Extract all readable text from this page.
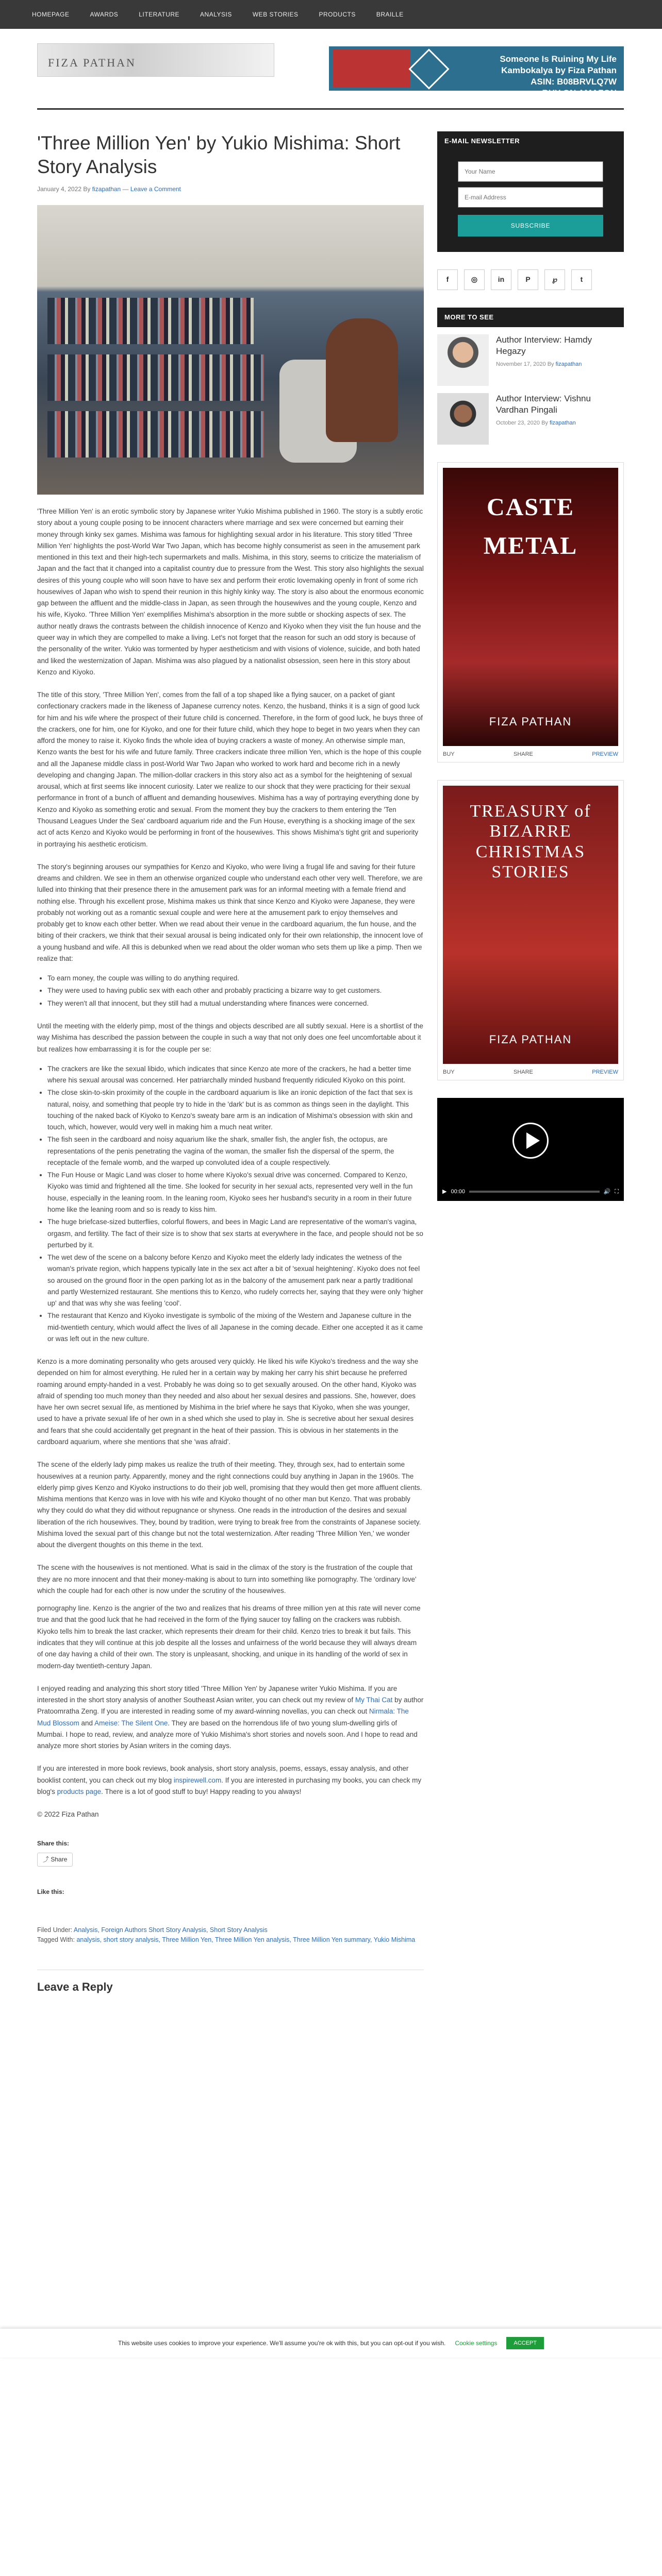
HOMEPAGE	AWARDS	LITERATURE	ANALYSIS	WEB STORIES	PRODUCTS	BRAILLE
FIZA PATHAN	Someone Is Ruining My Life
Kambokalya by Fiza Pathan
ASIN: B08BRVLQ7W
BUY ON AMAZON
'Three Million Yen' by Yukio Mishima: Short Story Analysis
January 4, 2022 By fizapathan — Leave a Comment

'Three Million Yen' is an erotic symbolic story by Japanese writer Yukio Mishima published in 1960. The story is a subtly erotic story about a young couple posing to be innocent characters where marriage and sex were concerned but earning their money through kinky sex games. Mishima was famous for highlighting sexual ardor in his literature. This story titled 'Three Million Yen' highlights the post-World War Two Japan, which has become highly consumerist as seen in the amusement park mentioned in this text and their high-tech supermarkets and malls. Mishima, in this story, seems to criticize the materialism of Japan and the fact that it changed into a capitalist country due to pressure from the West. This story also highlights the sexual desires of this young couple who will soon have to have sex and perform their erotic lovemaking openly in front of some rich housewives of Japan who wish to spend their reunion in this highly kinky way. The story is also about the enormous economic gap between the affluent and the middle-class in Japan, as seen through the housewives and the young couple, Kenzo and his wife, Kiyoko. 'Three Million Yen' exemplifies Mishima's absorption in the more subtle or shocking aspects of sex. The author neatly draws the contrasts between the childish innocence of Kenzo and Kiyoko when they visit the fun house and the queer way in which they are compelled to make a living. Let's not forget that the reason for such an odd story is because of the personality of the writer. Yukio was tormented by hyper aestheticism and with visions of violence, suicide, and both hated and liked the westernization of Japan. Mishima was also plagued by a nationalist obsession, seen here in this story about Kenzo and Kiyoko.

The title of this story, 'Three Million Yen', comes from the fall of a top shaped like a flying saucer, on a packet of giant confectionary crackers made in the likeness of Japanese currency notes. Kenzo, the husband, thinks it is a sign of good luck for him and his wife where the prospect of their future child is concerned. Therefore, in the form of good luck, he buys three of the crackers, one for him, one for Kiyoko, and one for their future child, which they hope to beget in two years when they can afford the money to raise it. Kiyoko finds the whole idea of buying crackers a waste of money. An otherwise simple man, Kenzo wants the best for his wife and future family. Three crackers indicate three million Yen, which is the hope of this couple and all the Japanese middle class in post-World War Two Japan who worked to work hard and become rich in a newly developing and changing Japan. The million-dollar crackers in this story also act as a symbol for the heightening of sexual arousal, which at first seems like innocent curiosity. Later we realize to our shock that they were practicing for their sexual performance in front of a bunch of affluent and demanding housewives. Mishima has a way of portraying everything done by Kenzo and Kiyoko as something erotic and sexual. From the moment they buy the crackers to them entering the 'Ten Thousand Leagues Under the Sea' cardboard aquarium ride and the Fun House, everything is a shocking image of the sex act of acts Kenzo and Kiyoko would be performing in front of the housewives. This shows Mishima's tight grit and superiority in portraying his aesthetic eroticism.

The story's beginning arouses our sympathies for Kenzo and Kiyoko, who were living a frugal life and saving for their future dreams and children. We see in them an otherwise organized couple who understand each other very well. Therefore, we are lulled into thinking that their presence there in the amusement park was for an informal meeting with a female friend and nothing else. Through his excellent prose, Mishima makes us think that since Kenzo and Kiyoko were Japanese, they were probably not working out as a romantic sexual couple and were here at the amusement park to enjoy themselves and probably get to know each other better. When we read about their venue in the cardboard aquarium, the fun house, and the biting of their crackers, we think that their sexual arousal is being indicated only for their own relationship, the innocent love of a young husband and wife. All this is debunked when we read about the older woman who sets them up like a pimp. Then we realize that:

• To earn money, the couple was willing to do anything required.
• They were used to having public sex with each other and probably practicing a bizarre way to get customers.
• They weren't all that innocent, but they still had a mutual understanding where finances were concerned.

Until the meeting with the elderly pimp, most of the things and objects described are all subtly sexual. Here is a shortlist of the way Mishima has described the passion between the couple in such a way that not only does one feel uncomfortable about it but realizes how embarrassing it is for the couple per se:

• The crackers are like the sexual libido, which indicates that since Kenzo ate more of the crackers, he had a better time where his sexual arousal was concerned. Her patriarchally minded husband frequently ridiculed Kiyoko on this point.
• The close skin-to-skin proximity of the couple in the cardboard aquarium is like an ironic depiction of the fact that sex is natural, noisy, and something that people try to hide in the 'dark' but is as common as things seen in the daylight. This touching of the naked back of Kiyoko to Kenzo's sweaty bare arm is an indication of Mishima's obsession with skin and touch, which, however, would very well in making him a much neat writer.
• The fish seen in the cardboard and noisy aquarium like the shark, smaller fish, the angler fish, the octopus, are representations of the penis penetrating the vagina of the woman, the smaller fish the dispersal of the sperm, the receptacle of the female womb, and the warped up convoluted idea of a couple respectively.
• The Fun House or Magic Land was closer to home where Kiyoko's sexual drive was concerned. Compared to Kenzo, Kiyoko was timid and frightened all the time. She looked for security in her sexual acts, represented very well in the fun house, especially in the leaning room. In the leaning room, Kiyoko sees her husband's security in a room in their future home like the leaning room and so is ready to kiss him.
• The huge briefcase-sized butterflies, colorful flowers, and bees in Magic Land are representative of the woman's vagina, orgasm, and fertility. The fact of their size is to show that sex starts at everywhere in the face, and people should not be so perturbed by it.
• The wet dew of the scene on a balcony before Kenzo and Kiyoko meet the elderly lady indicates the wetness of the woman's private region, which happens typically late in the sex act after a bit of 'sexual heightening'. Kiyoko does not feel so aroused on the ground floor in the open parking lot as in the balcony of the amusement park near a partly traditional and partly Westernized restaurant. She mentions this to Kenzo, who rudely corrects her, saying that they were only 'higher up' and that was why she was feeling 'cool'.
• The restaurant that Kenzo and Kiyoko investigate is symbolic of the mixing of the Western and Japanese culture in the mid-twentieth century, which would affect the lives of all Japanese in the coming decade. Either one accepted it as it came or was left out in the new culture.

Kenzo is a more dominating personality who gets aroused very quickly. He liked his wife Kiyoko's tiredness and the way she depended on him for almost everything. He ruled her in a certain way by making her carry his shirt because he preferred roaming around empty-handed in a vest. Probably he was doing so to get sexually aroused. On the other hand, Kiyoko was afraid of spending too much money than they needed and also about her sexual desires and passions. She, however, does have her own secret sexual life, as mentioned by Mishima in the brief where he says that Kiyoko, when she was younger, used to have a private sexual life of her own in a shed which she used to play in. She is secretive about her sexual desires and fears that she could accidentally get pregnant in the heat of their passion. This is obvious in her statements in the cardboard aquarium, where she mentions that she 'was afraid'.

The scene of the elderly lady pimp makes us realize the truth of their meeting. They, through sex, had to entertain some housewives at a reunion party. Apparently, money and the right connections could buy anything in Japan in the 1960s. The elderly pimp gives Kenzo and Kiyoko instructions to do their job well, promising that they would then get more affluent clients. Mishima mentions that Kenzo was in love with his wife and Kiyoko thought of no other man but Kenzo. That was probably why they could do what they did without repugnance or shyness. One reads in the introduction of the desires and sexual liberation of the rich housewives. They, bound by tradition, were trying to break free from the constraints of Japanese society. Mishima loved the sexual part of this change but not the total westernization. After reading 'Three Million Yen,' we wonder about the divergent thoughts on this theme in the text.

The scene with the housewives is not mentioned. What is said in the climax of the story is the frustration of the couple that they are no more innocent and that their money-making is about to turn into something like pornography. The 'ordinary love' which the couple had for each other is now under the scrutiny of the housewives.

pornography line. Kenzo is the angrier of the two and realizes that his dreams of three million yen at this rate will never come true and that the good luck that he had received in the form of the flying saucer toy falling on the crackers was rubbish. Kiyoko tells him to break the last cracker, which represents their dream for their child. Kenzo tries to break it but fails. This indicates that they will continue at this job despite all the losses and unfairness of the world because they will always dream of one day having a child of their own. The story is unpleasant, shocking, and unique in its handling of the world of sex in modern-day twentieth-century Japan.

I enjoyed reading and analyzing this short story titled 'Three Million Yen' by Japanese writer Yukio Mishima. If you are interested in the short story analysis of another Southeast Asian writer, you can check out my review of My Thai Cat by author Pratoomratha Zeng. If you are interested in reading some of my award-winning novellas, you can check out Nirmala: The Mud Blossom and Ameise: The Silent One. They are based on the horrendous life of two young slum-dwelling girls of Mumbai. I hope to read, review, and analyze more of Yukio Mishima's short stories and novels soon. And I hope to read and analyze more short stories by Asian writers in the coming days.

If you are interested in more book reviews, book analysis, short story analysis, poems, essays, essay analysis, and other booklist content, you can check out my blog inspirewell.com. If you are interested in purchasing my books, you can check my blog's products page. There is a lot of good stuff to buy! Happy reading to you always!

© 2022 Fiza Pathan

Share this:
⤴ Share
Like this:
Filed Under: Analysis, Foreign Authors Short Story Analysis, Short Story Analysis
Tagged With: analysis, short story analysis, Three Million Yen, Three Million Yen analysis, Three Million Yen summary, Yukio Mishima
Leave a Reply
E-MAIL NEWSLETTER
Your Name E-mail Address SUBSCRIBE
f	◎	in	P	℘	t
MORE TO SEE
Author Interview: Hamdy Hegazy
November 17, 2020 By fizapathan
Author Interview: Vishnu Vardhan Pingali
October 23, 2020 By fizapathan
CASTE METAL
FIZA PATHAN
BUY	SHARE	PREVIEW
TREASURY of BIZARRE CHRISTMAS STORIES
FIZA PATHAN
BUY	SHARE	PREVIEW
▶ 00:00	🔊 ⛶
This website uses cookies to improve your experience. We'll assume you're ok with this, but you can opt-out if you wish. Cookie settings	ACCEPT
